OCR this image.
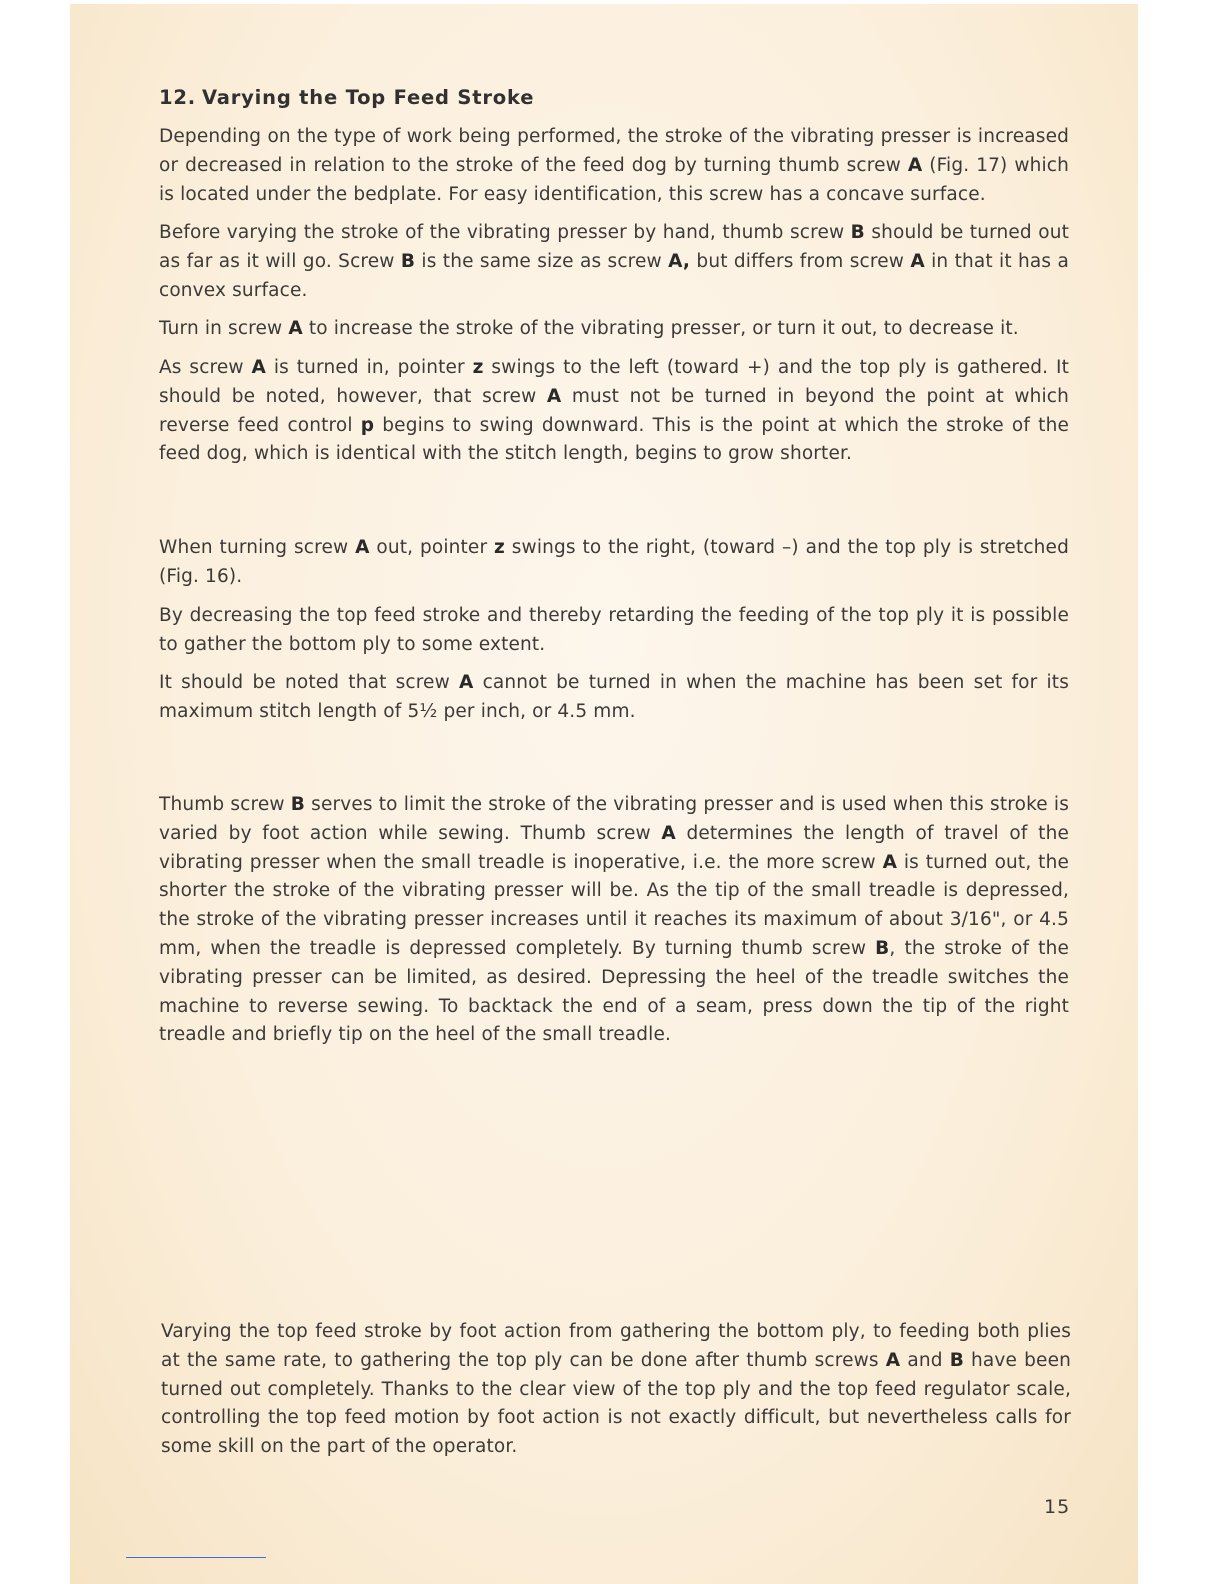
12. Varying the Top Feed Stroke

Depending on the type of work being performed, the stroke of the vibrating presser is increased or decreased in relation to the stroke of the feed dog by turning thumb screw A (Fig. 17) which is located under the bedplate. For easy identification, this screw has a concave surface.

Before varying the stroke of the vibrating presser by hand, thumb screw B should be turned out as far as it will go. Screw B is the same size as screw A, but differs from screw A in that it has a convex surface.

Turn in screw A to increase the stroke of the vibrating presser, or turn it out, to decrease it.

As screw A is turned in, pointer z swings to the left (toward +) and the top ply is gathered. It should be noted, however, that screw A must not be turned in beyond the point at which reverse feed control p begins to swing downward. This is the point at which the stroke of the feed dog, which is identical with the stitch length, begins to grow shorter.

When turning screw A out, pointer z swings to the right, (toward –) and the top ply is stretched (Fig. 16).

By decreasing the top feed stroke and thereby retarding the feeding of the top ply it is possible to gather the bottom ply to some extent.

It should be noted that screw A cannot be turned in when the machine has been set for its maximum stitch length of 5½ per inch, or 4.5 mm.

Thumb screw B serves to limit the stroke of the vibrating presser and is used when this stroke is varied by foot action while sewing. Thumb screw A determines the length of travel of the vibrating presser when the small treadle is inoperative, i.e. the more screw A is turned out, the shorter the stroke of the vibrating presser will be. As the tip of the small treadle is depressed, the stroke of the vibrating presser increases until it reaches its maximum of about 3/16", or 4.5 mm, when the treadle is depressed completely. By turning thumb screw B, the stroke of the vibrating presser can be limited, as desired. Depressing the heel of the treadle switches the machine to reverse sewing. To backtack the end of a seam, press down the tip of the right treadle and briefly tip on the heel of the small treadle.

Varying the top feed stroke by foot action from gathering the bottom ply, to feeding both plies at the same rate, to gathering the top ply can be done after thumb screws A and B have been turned out completely. Thanks to the clear view of the top ply and the top feed regulator scale, controlling the top feed motion by foot action is not exactly difficult, but nevertheless calls for some skill on the part of the operator.

15
